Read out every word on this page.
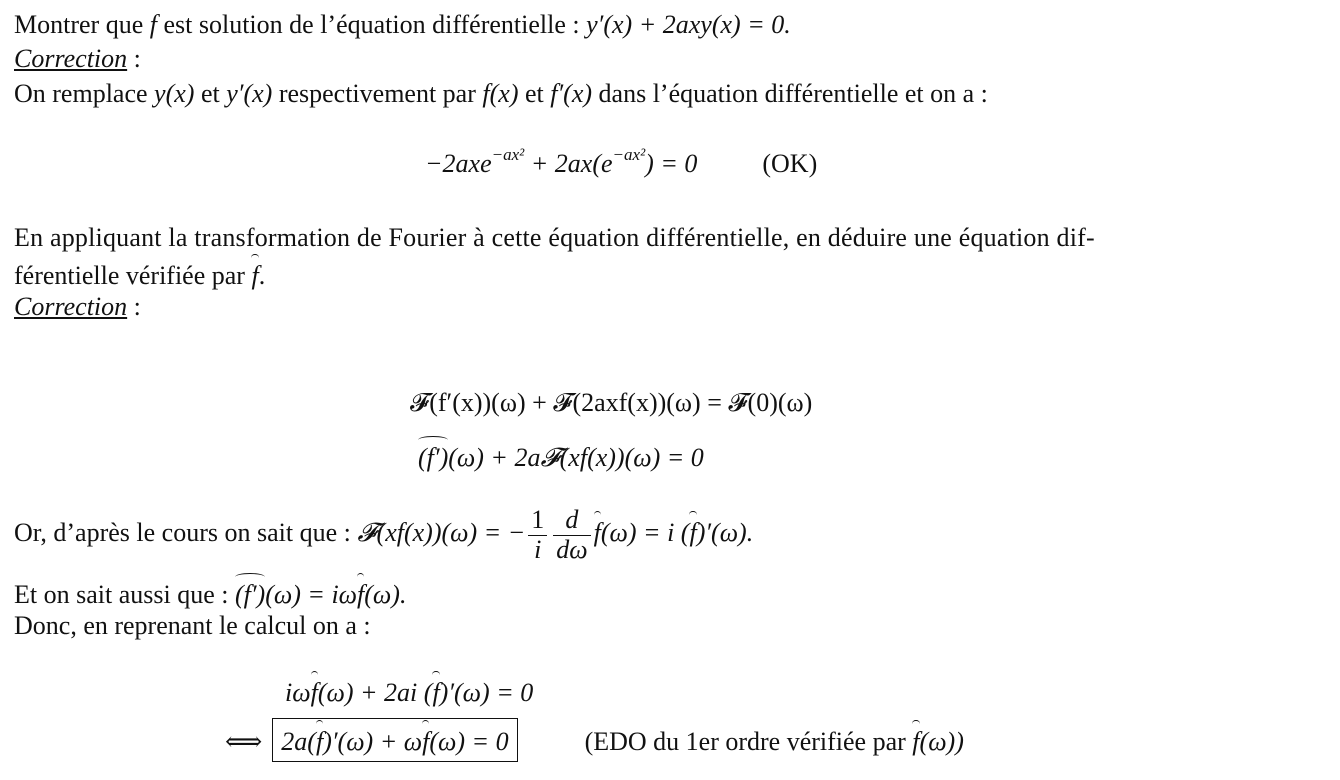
Montrer que f est solution de l’équation différentielle : y′(x) + 2axy(x) = 0.
Correction :
On remplace y(x) et y′(x) respectivement par f(x) et f′(x) dans l’équation différentielle et on a :
$-2axe^{-ax^2} + 2ax(e^{-ax^2}) = 0$	(OK)
En appliquant la transformation de Fourier à cette équation différentielle, en déduire une équation dif-
férentielle vérifiée par f.
Correction :
𝓕(f′(x))(ω) + 𝓕(2axf(x))(ω) = 𝓕(0)(ω)
(f′)(ω) + 2a𝓕(xf(x))(ω) = 0
Or, d’après le cours on sait que : 𝓕(xf(x))(ω) = − $\frac{1}{i} \frac{d}{d\omega} f(\omega) = i$ (f)′(ω).
Et on sait aussi que : (f′)(ω) = iωf(ω).
Donc, en reprenant le calcul on a :
iωf(ω) + 2ai (f)′(ω) = 0
⟺ 2a(f)′(ω) + ωf(ω) = 0	(EDO du 1er ordre vérifiée par f(ω))
